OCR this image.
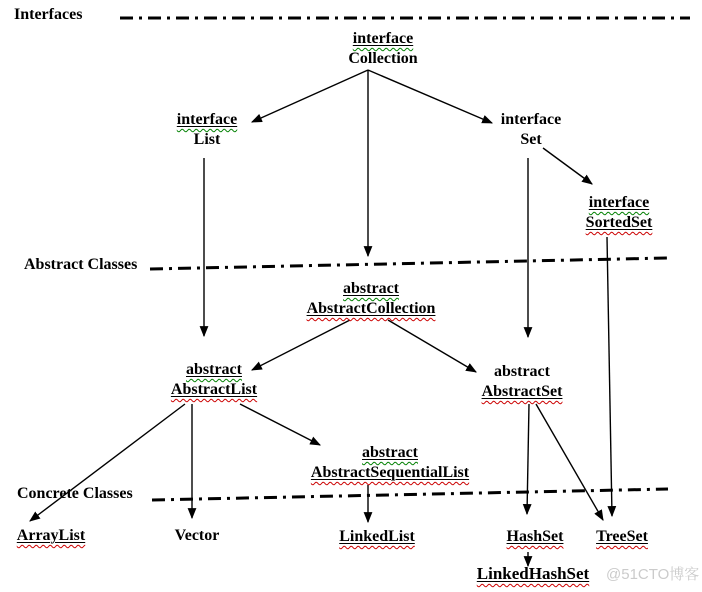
Interfaces
Abstract Classes
Concrete Classes
interface
Collection
interface
List
interface
Set
interface
SortedSet
abstract
AbstractCollection
abstract
AbstractList
abstract
AbstractSet
abstract
AbstractSequentialList
ArrayList	Vector	LinkedList	HashSet TreeSet
LinkedHashSet @51CTO博客
